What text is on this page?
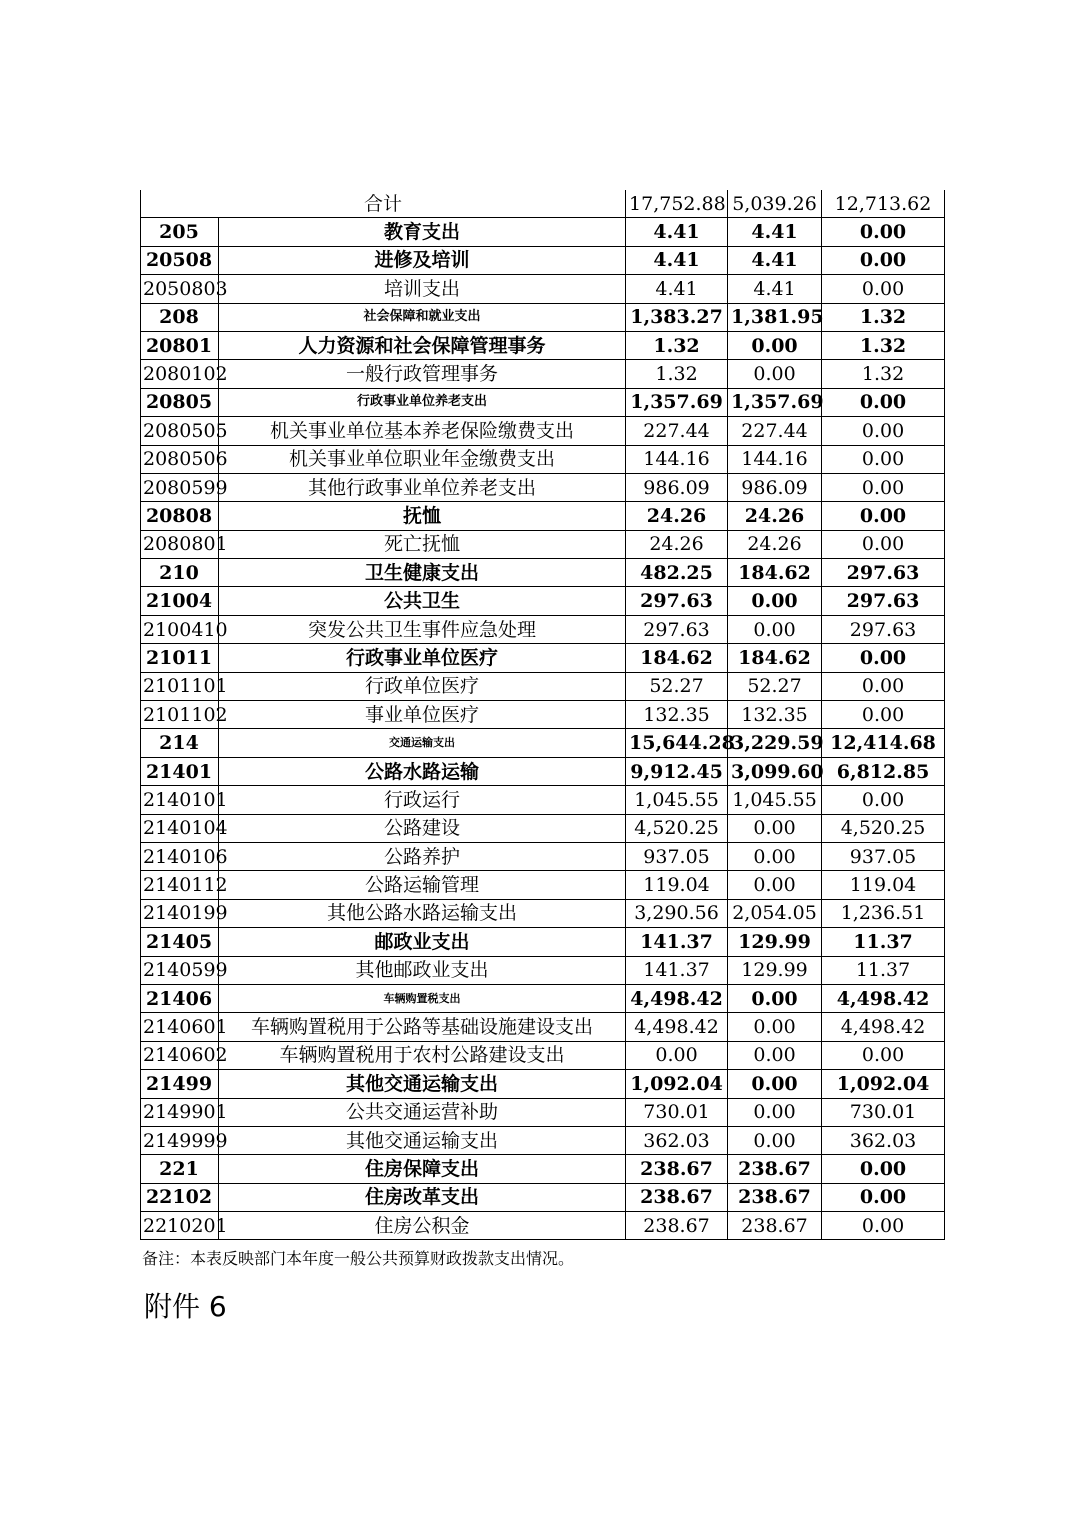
合计		17,752.88	5,039.26	12,713.62
205	教育支出	4.41	4.41	0.00
20508	进修及培训	4.41	4.41	0.00
2050803	培训支出	4.41	4.41	0.00
208	社会保障和就业支出	1,383.27	1,381.95	1.32
20801	人力资源和社会保障管理事务	1.32	0.00	1.32
2080102	一般行政管理事务	1.32	0.00	1.32
20805	行政事业单位养老支出	1,357.69	1,357.69	0.00
2080505	机关事业单位基本养老保险缴费支出	227.44	227.44	0.00
2080506	机关事业单位职业年金缴费支出	144.16	144.16	0.00
2080599	其他行政事业单位养老支出	986.09	986.09	0.00
20808	抚恤	24.26	24.26	0.00
2080801	死亡抚恤	24.26	24.26	0.00
210	卫生健康支出	482.25	184.62	297.63
21004	公共卫生	297.63	0.00	297.63
2100410	突发公共卫生事件应急处理	297.63	0.00	297.63
21011	行政事业单位医疗	184.62	184.62	0.00
2101101	行政单位医疗	52.27	52.27	0.00
2101102	事业单位医疗	132.35	132.35	0.00
214	交通运输支出	15,644.28	3,229.59	12,414.68
21401	公路水路运输	9,912.45	3,099.60	6,812.85
2140101	行政运行	1,045.55	1,045.55	0.00
2140104	公路建设	4,520.25	0.00	4,520.25
2140106	公路养护	937.05	0.00	937.05
2140112	公路运输管理	119.04	0.00	119.04
2140199	其他公路水路运输支出	3,290.56	2,054.05	1,236.51
21405	邮政业支出	141.37	129.99	11.37
2140599	其他邮政业支出	141.37	129.99	11.37
21406	车辆购置税支出	4,498.42	0.00	4,498.42
2140601	车辆购置税用于公路等基础设施建设支出	4,498.42	0.00	4,498.42
2140602	车辆购置税用于农村公路建设支出	0.00	0.00	0.00
21499	其他交通运输支出	1,092.04	0.00	1,092.04
2149901	公共交通运营补助	730.01	0.00	730.01
2149999	其他交通运输支出	362.03	0.00	362.03
221	住房保障支出	238.67	238.67	0.00
22102	住房改革支出	238.67	238.67	0.00
2210201	住房公积金	238.67	238.67	0.00
备注：本表反映部门本年度一般公共预算财政拨款支出情况。
附件 6
